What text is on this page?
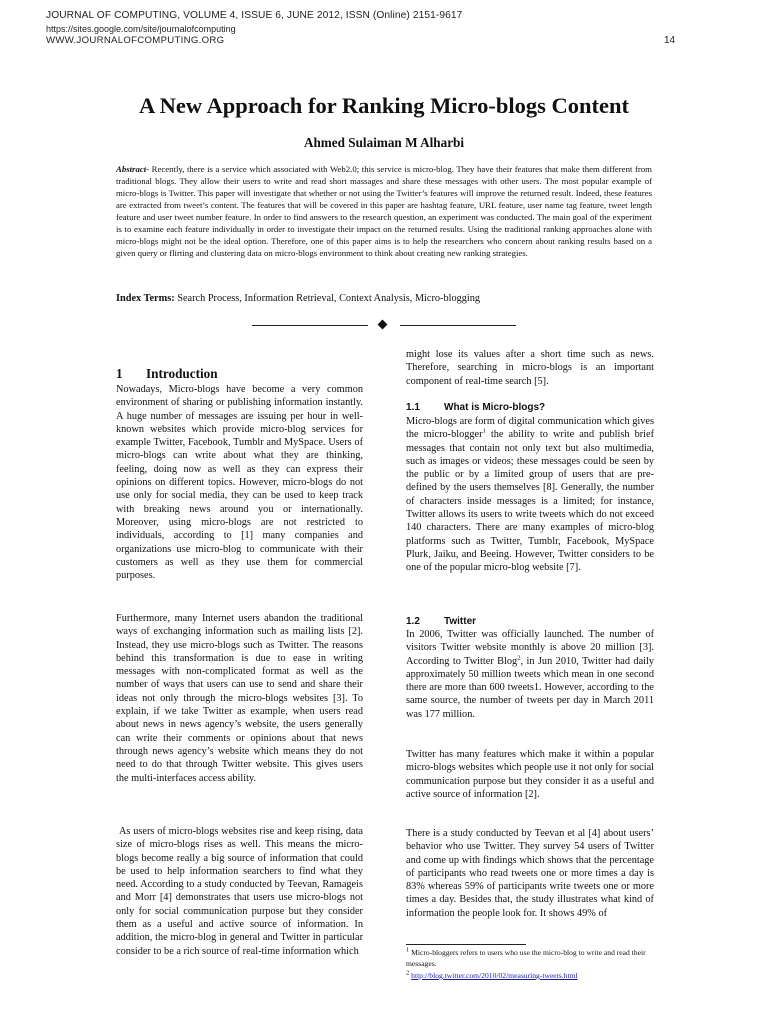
JOURNAL OF COMPUTING, VOLUME 4, ISSUE 6, JUNE 2012, ISSN (Online) 2151-9617
https://sites.google.com/site/journalofcomputing
WWW.JOURNALOFCOMPUTING.ORG	14
A New Approach for Ranking Micro-blogs Content
Ahmed Sulaiman M Alharbi

Abstract- Recently, there is a service which associated with Web2.0; this service is micro-blog. They have their features that make them different from traditional blogs. They allow their users to write and read short massages and share these messages with other users. The most popular example of micro-blogs is Twitter. This paper will investigate that whether or not using the Twitter’s features will improve the returned result. Indeed, these features are extracted from tweet’s content. The features that will be covered in this paper are hashtag feature, URL feature, user name tag feature, tweet length feature and user tweet number feature. In order to find answers to the research question, an experiment was conducted. The main goal of the experiment is to examine each feature individually in order to investigate their impact on the returned results. Using the traditional ranking approaches alone with micro-blogs might not be the ideal option. Therefore, one of this paper aims is to help the researchers who concern about ranking results based on a given query or flirting and clustering data on micro-blogs environment to think about creating new ranking strategies.

Index Terms: Search Process, Information Retrieval, Context Analysis, Micro-blogging

1 Introduction

Nowadays, Micro-blogs have become a very common environment of sharing or publishing information instantly. A huge number of messages are issuing per hour in well-known websites which provide micro-blog services for example Twitter, Facebook, Tumblr and MySpace. Users of micro-blogs can write about what they are thinking, feeling, doing now as well as they can express their opinions on different topics. However, micro-blogs do not use only for social media, they can be used to keep track with breaking news around you or internationally. Moreover, using micro-blogs are not restricted to individuals, according to [1] many companies and organizations use micro-blog to communicate with their customers as well as they use them for commercial purposes.

Furthermore, many Internet users abandon the traditional ways of exchanging information such as mailing lists [2]. Instead, they use micro-blogs such as Twitter. The reasons behind this transformation is due to ease in writing messages with non-complicated format as well as the number of ways that users can use to send and share their ideas not only through the micro-blogs websites [3]. To explain, if we take Twitter as example, when users read about news in news agency’s website, the users generally can write their comments or opinions about that news through news agency’s website which means they do not need to do that through Twitter website. This gives users the multi-interfaces access ability.

As users of micro-blogs websites rise and keep rising, data size of micro-blogs rises as well. This means the micro-blogs become really a big source of information that could be used to help information searchers to find what they need. According to a study conducted by Teevan, Ramageis and Morr [4] demonstrates that users use micro-blogs not only for social communication purpose but they consider them as a useful and active source of information. In addition, the micro-blog in general and Twitter in particular consider to be a rich source of real-time information which

might lose its values after a short time such as news. Therefore, searching in micro-blogs is an important component of real-time search [5].

1.1 What is Micro-blogs?

Micro-blogs are form of digital communication which gives the micro-blogger$^1$ the ability to write and publish brief messages that contain not only text but also multimedia, such as images or videos; these messages could be seen by the public or by a limited group of users that are pre-defined by the users themselves [8]. Generally, the number of characters inside messages is a limited; for instance, Twitter allows its users to write tweets which do not exceed 140 characters. There are many examples of micro-blog platforms such as Twitter, Tumblr, Facebook, MySpace Plurk, Jaiku, and Beeing. However, Twitter considers to be one of the popular micro-blog website [7].

1.2 Twitter

In 2006, Twitter was officially launched. The number of visitors Twitter website monthly is above 20 million [3]. According to Twitter Blog$^2$, in Jun 2010, Twitter had daily approximately 50 million tweets which mean in one second there are more than 600 tweets1. However, according to the same source, the number of tweets per day in March 2011 was 177 million.

Twitter has many features which make it within a popular micro-blogs websites which people use it not only for social communication purpose but they consider it as a useful and active source of information [2].

There is a study conducted by Teevan et al [4] about users’ behavior who use Twitter. They survey 54 users of Twitter and come up with findings which shows that the percentage of participants who read tweets one or more times a day is 83% whereas 59% of participants write tweets one or more times a day. Besides that, the study illustrates what kind of information the people look for. It shows 49% of

$^1$ Micro-bloggers refers to users who use the micro-blog to write and read their messages.
$^2$ http://blog.twitter.com/2010/02/measuring-tweets.html
